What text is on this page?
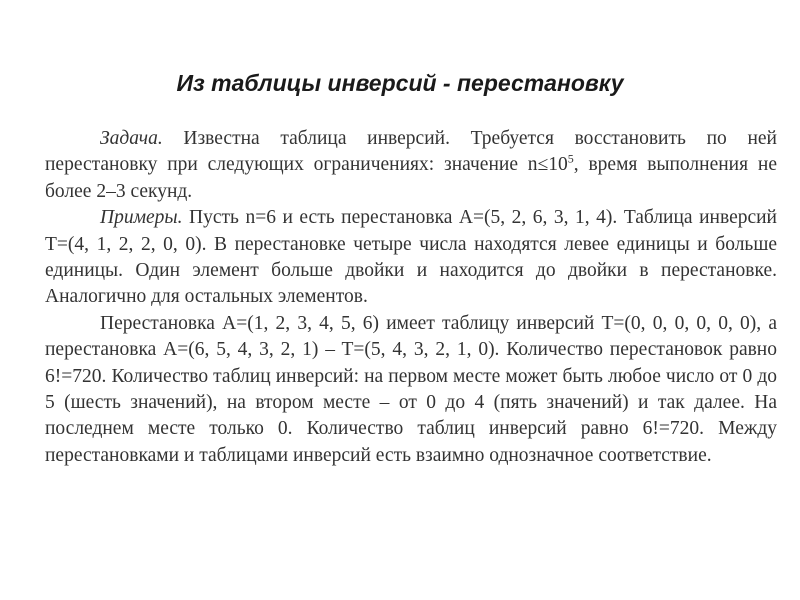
Из таблицы инверсий - перестановку

Задача. Известна таблица инверсий. Требуется восстановить по ней перестановку при следующих ограничениях: значение $n\le 10^5$, время выполнения не более 2–3 секунд.

Примеры. Пусть n=6 и есть перестановка A=(5, 2, 6, 3, 1, 4). Таблица инверсий T=(4, 1, 2, 2, 0, 0). В перестановке четыре числа находятся левее единицы и больше единицы. Один элемент больше двойки и находится до двойки в перестановке. Аналогично для остальных элементов.

Перестановка A=(1, 2, 3, 4, 5, 6) имеет таблицу инверсий T=(0, 0, 0, 0, 0, 0), а перестановка A=(6, 5, 4, 3, 2, 1) – T=(5, 4, 3, 2, 1, 0). Количество перестановок равно 6!=720. Количество таблиц инверсий: на первом месте может быть любое число от 0 до 5 (шесть значений), на втором месте – от 0 до 4 (пять значений) и так далее. На последнем месте только 0. Количество таблиц инверсий равно 6!=720. Между перестановками и таблицами инверсий есть взаимно однозначное соответствие.
